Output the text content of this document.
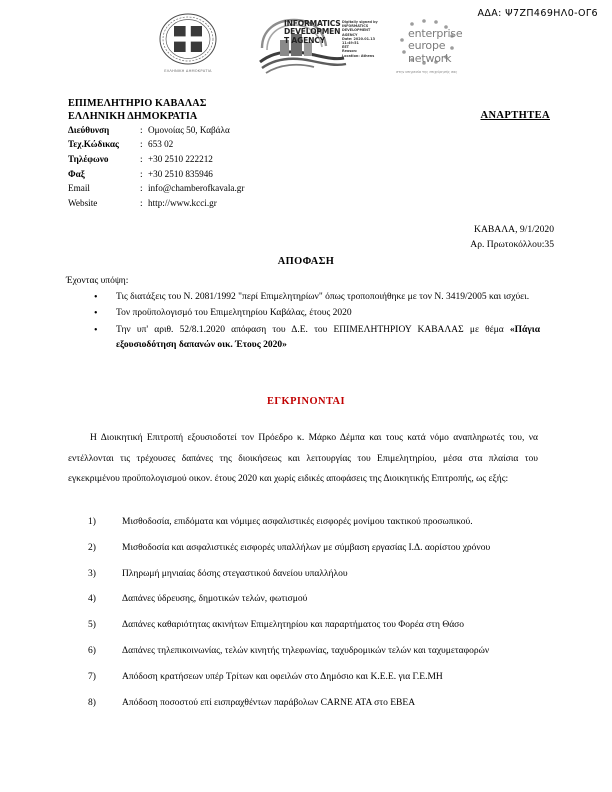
ΑΔΑ: Ψ7ΖΠ469ΗΛ0-ΟΓ6
ΕΛΛΗΝΙΚΗ ΔΗΜΟΚΡΑΤΙΑ
INFORMATICS
DEVELOPMEN
T AGENCY
Digitally signed by
INFORMATICS
DEVELOPMENT AGENCY
Date: 2020.01.13 11:49:51
EET
Reason:
Location: Athens
enterprise
europe
network
στην υπηρεσία της επιχείρησής σας
ΕΠΙΜΕΛΗΤΗΡΙΟ ΚΑΒΑΛΑΣ
ΕΛΛΗΝΙΚΗ ΔΗΜΟΚΡΑΤΙΑ
Διεύθυνση	: Ομονοίας 50, Καβάλα
Τεχ.Κώδικας	: 653 02
Τηλέφωνο	: +30 2510 222212
Φαξ	: +30 2510 835946
Email	: info@chamberofkavala.gr
Website	: http://www.kcci.gr
ΑΝΑΡΤΗΤΕΑ
ΚΑΒΑΛΑ, 9/1/2020
Αρ. Πρωτοκόλλου:35
ΑΠΟΦΑΣΗ
Έχοντας υπόψη:
• Τις διατάξεις του Ν. 2081/1992 "περί Επιμελητηρίων" όπως τροποποιήθηκε με τον Ν. 3419/2005 και ισχύει.
• Τον προϋπολογισμό του Επιμελητηρίου Καβάλας, έτους 2020
• Την υπ' αριθ. 52/8.1.2020 απόφαση του Δ.Ε. του ΕΠΙΜΕΛΗΤΗΡΙΟΥ ΚΑΒΑΛΑΣ με θέμα «Πάγια εξουσιοδότηση δαπανών οικ. Έτους 2020»
ΕΓΚΡΙΝΟΝΤΑΙ
Η Διοικητική Επιτροπή εξουσιοδοτεί τον Πρόεδρο κ. Μάρκο Δέμπα και τους κατά νόμο αναπληρωτές του, να εντέλλονται τις τρέχουσες δαπάνες της διοικήσεως και λειτουργίας του Επιμελητηρίου, μέσα στα πλαίσια του εγκεκριμένου προϋπολογισμού οικον. έτους 2020 και χωρίς ειδικές αποφάσεις της Διοικητικής Επιτροπής, ως εξής:
1)	Μισθοδοσία, επιδόματα και νόμιμες ασφαλιστικές εισφορές μονίμου τακτικού προσωπικού.
2)	Μισθοδοσία και ασφαλιστικές εισφορές υπαλλήλων με σύμβαση εργασίας Ι.Δ. αορίστου χρόνου
3)	Πληρωμή μηνιαίας δόσης στεγαστικού δανείου υπαλλήλου
4)	Δαπάνες ύδρευσης, δημοτικών τελών, φωτισμού
5)	Δαπάνες καθαριότητας ακινήτων Επιμελητηρίου και παραρτήματος του Φορέα στη Θάσο
6)	Δαπάνες τηλεπικοινωνίας, τελών κινητής τηλεφωνίας, ταχυδρομικών τελών και ταχυμεταφορών
7)	Απόδοση κρατήσεων υπέρ Τρίτων και οφειλών στο Δημόσιο και Κ.Ε.Ε. για Γ.Ε.ΜΗ
8)	Απόδοση ποσοστού επί εισπραχθέντων παράβολων CARNE ATA στο ΕΒΕΑ
